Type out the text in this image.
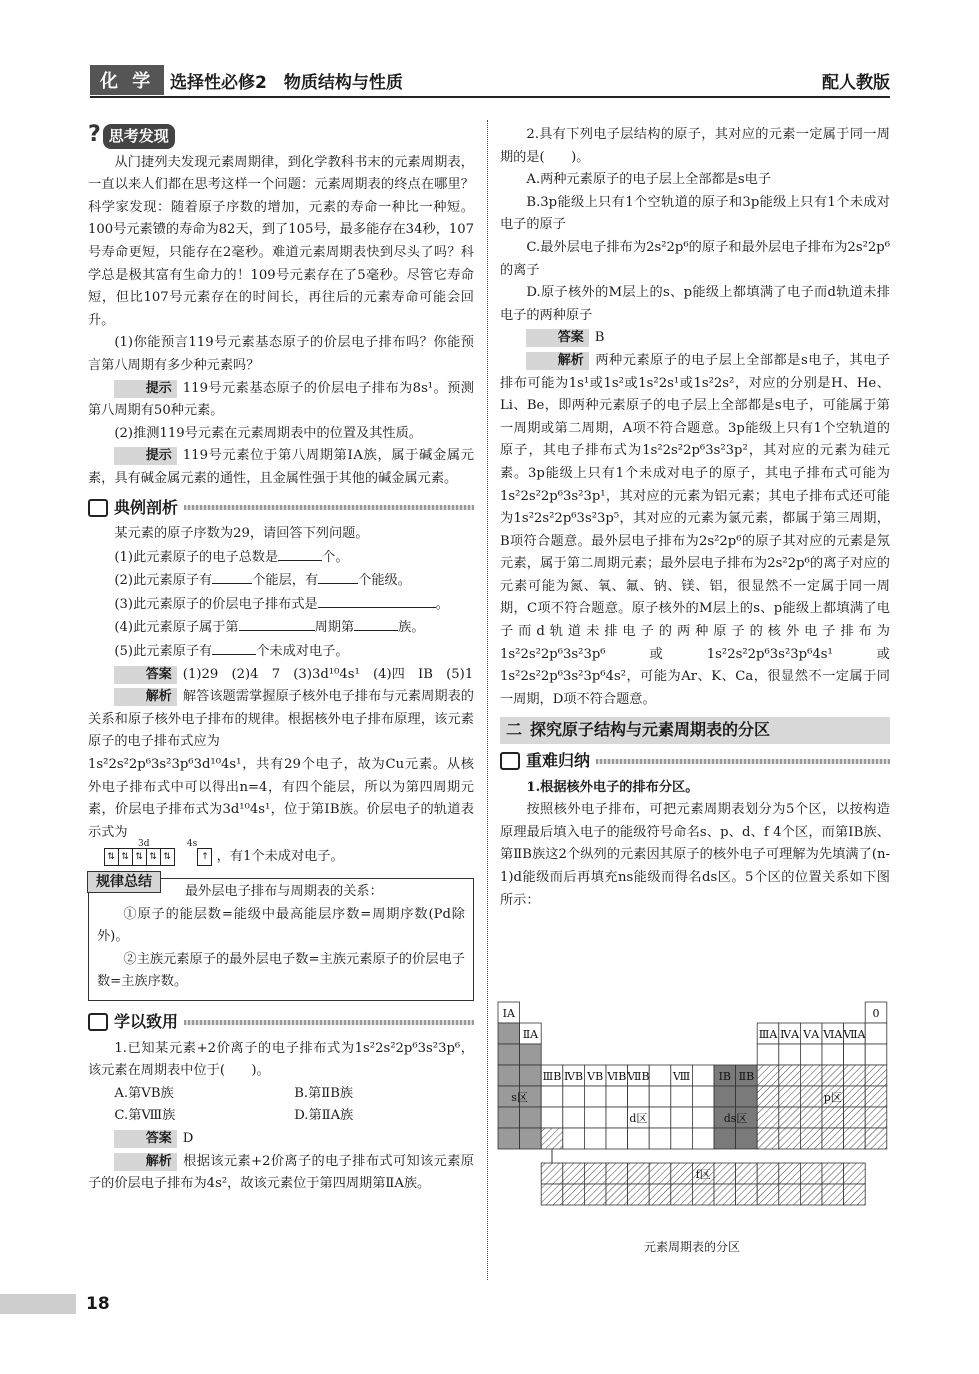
化 学 选择性必修2　物质结构与性质	配人教版
? 思考发现

从门捷列夫发现元素周期律，到化学教科书末的元素周期表，一直以来人们都在思考这样一个问题：元素周期表的终点在哪里？科学家发现：随着原子序数的增加，元素的寿命一种比一种短。100号元素镄的寿命为82天，到了105号，最多能存在34秒，107号寿命更短，只能存在2毫秒。难道元素周期表快到尽头了吗？科学总是极其富有生命力的！109号元素存在了5毫秒。尽管它寿命短，但比107号元素存在的时间长，再往后的元素寿命可能会回升。

(1)你能预言119号元素基态原子的价层电子排布吗？你能预言第八周期有多少种元素吗？

提示 119号元素基态原子的价层电子排布为8s¹。预测第八周期有50种元素。

(2)推测119号元素在元素周期表中的位置及其性质。

提示 119号元素位于第八周期第ⅠA族，属于碱金属元素，具有碱金属元素的通性，且金属性强于其他的碱金属元素。

典例剖析

某元素的原子序数为29，请回答下列问题。

(1)此元素原子的电子总数是	个。

(2)此元素原子有	个能层，有	个能级。

(3)此元素原子的价层电子排布式是	。

(4)此元素原子属于第	周期第	族。

(5)此元素原子有	个未成对电子。

答案 (1)29　(2)4　7　(3)3d¹⁰4s¹　(4)四　ⅠB　(5)1

解析 解答该题需掌握原子核外电子排布与元素周期表的关系和原子核外电子排布的规律。根据核外电子排布原理，该元素原子的电子排布式应为

1s²2s²2p⁶3s²3p⁶3d¹⁰4s¹，共有29个电子，故为Cu元素。从核外电子排布式中可以得出n=4，有四个能层，所以为第四周期元素，价层电子排布式为3d¹⁰4s¹，位于第ⅠB族。价层电子的轨道表示式为

$^{3d}$
⇅ ⇅ ⇅ ⇅ ⇅
$^{4s}$
↑ ，有1个未成对电子。

规律总结

最外层电子排布与周期表的关系：

①原子的能层数=能级中最高能层序数=周期序数(Pd除外)。

②主族元素原子的最外层电子数=主族元素原子的价层电子数=主族序数。

学以致用

1.已知某元素+2价离子的电子排布式为1s²2s²2p⁶3s²3p⁶，该元素在周期表中位于(　　)。

A.第ⅤB族	B.第ⅡB族
C.第Ⅷ族	D.第ⅡA族

答案 D

解析 根据该元素+2价离子的电子排布式可知该元素原子的价层电子排布为4s²，故该元素位于第四周期第ⅡA族。

2.具有下列电子层结构的原子，其对应的元素一定属于同一周期的是(　　)。

A.两种元素原子的电子层上全部都是s电子

B.3p能级上只有1个空轨道的原子和3p能级上只有1个未成对电子的原子

C.最外层电子排布为2s²2p⁶的原子和最外层电子排布为2s²2p⁶的离子

D.原子核外的M层上的s、p能级上都填满了电子而d轨道未排电子的两种原子

答案 B

解析 两种元素原子的电子层上全部都是s电子，其电子排布可能为1s¹或1s²或1s²2s¹或1s²2s²，对应的分别是H、He、Li、Be，即两种元素原子的电子层上全部都是s电子，可能属于第一周期或第二周期，A项不符合题意。3p能级上只有1个空轨道的原子，其电子排布式为1s²2s²2p⁶3s²3p²，其对应的元素为硅元素。3p能级上只有1个未成对电子的原子，其电子排布式可能为1s²2s²2p⁶3s²3p¹，其对应的元素为铝元素；其电子排布式还可能为1s²2s²2p⁶3s²3p⁵，其对应的元素为氯元素，都属于第三周期，B项符合题意。最外层电子排布为2s²2p⁶的原子其对应的元素是氖元素，属于第二周期元素；最外层电子排布为2s²2p⁶的离子对应的元素可能为氮、氧、氟、钠、镁、铝，很显然不一定属于同一周期，C项不符合题意。原子核外的M层上的s、p能级上都填满了电子而d轨道未排电子的两种原子的核外电子排布为1s²2s²2p⁶3s²3p⁶或1s²2s²2p⁶3s²3p⁶4s¹或1s²2s²2p⁶3s²3p⁶4s²，可能为Ar、K、Ca，很显然不一定属于同一周期，D项不符合题意。

二 探究原子结构与元素周期表的分区
重难归纳

1.根据核外电子的排布分区。

按照核外电子排布，可把元素周期表划分为5个区，以按构造原理最后填入电子的能级符号命名s、p、d、f 4个区，而第ⅠB族、第ⅡB族这2个纵列的元素因其原子的核外电子可理解为先填满了(n-1)d能级而后再填充ns能级而得名ds区。5个区的位置关系如下图所示：

ⅠA	0
ⅡA	ⅢA ⅣA ⅤA ⅥA ⅦA
ⅢB ⅣB ⅤB ⅥB ⅦB Ⅷ	ⅠB ⅡB
s区
d区	ds区
p区
f区
元素周期表的分区
18
